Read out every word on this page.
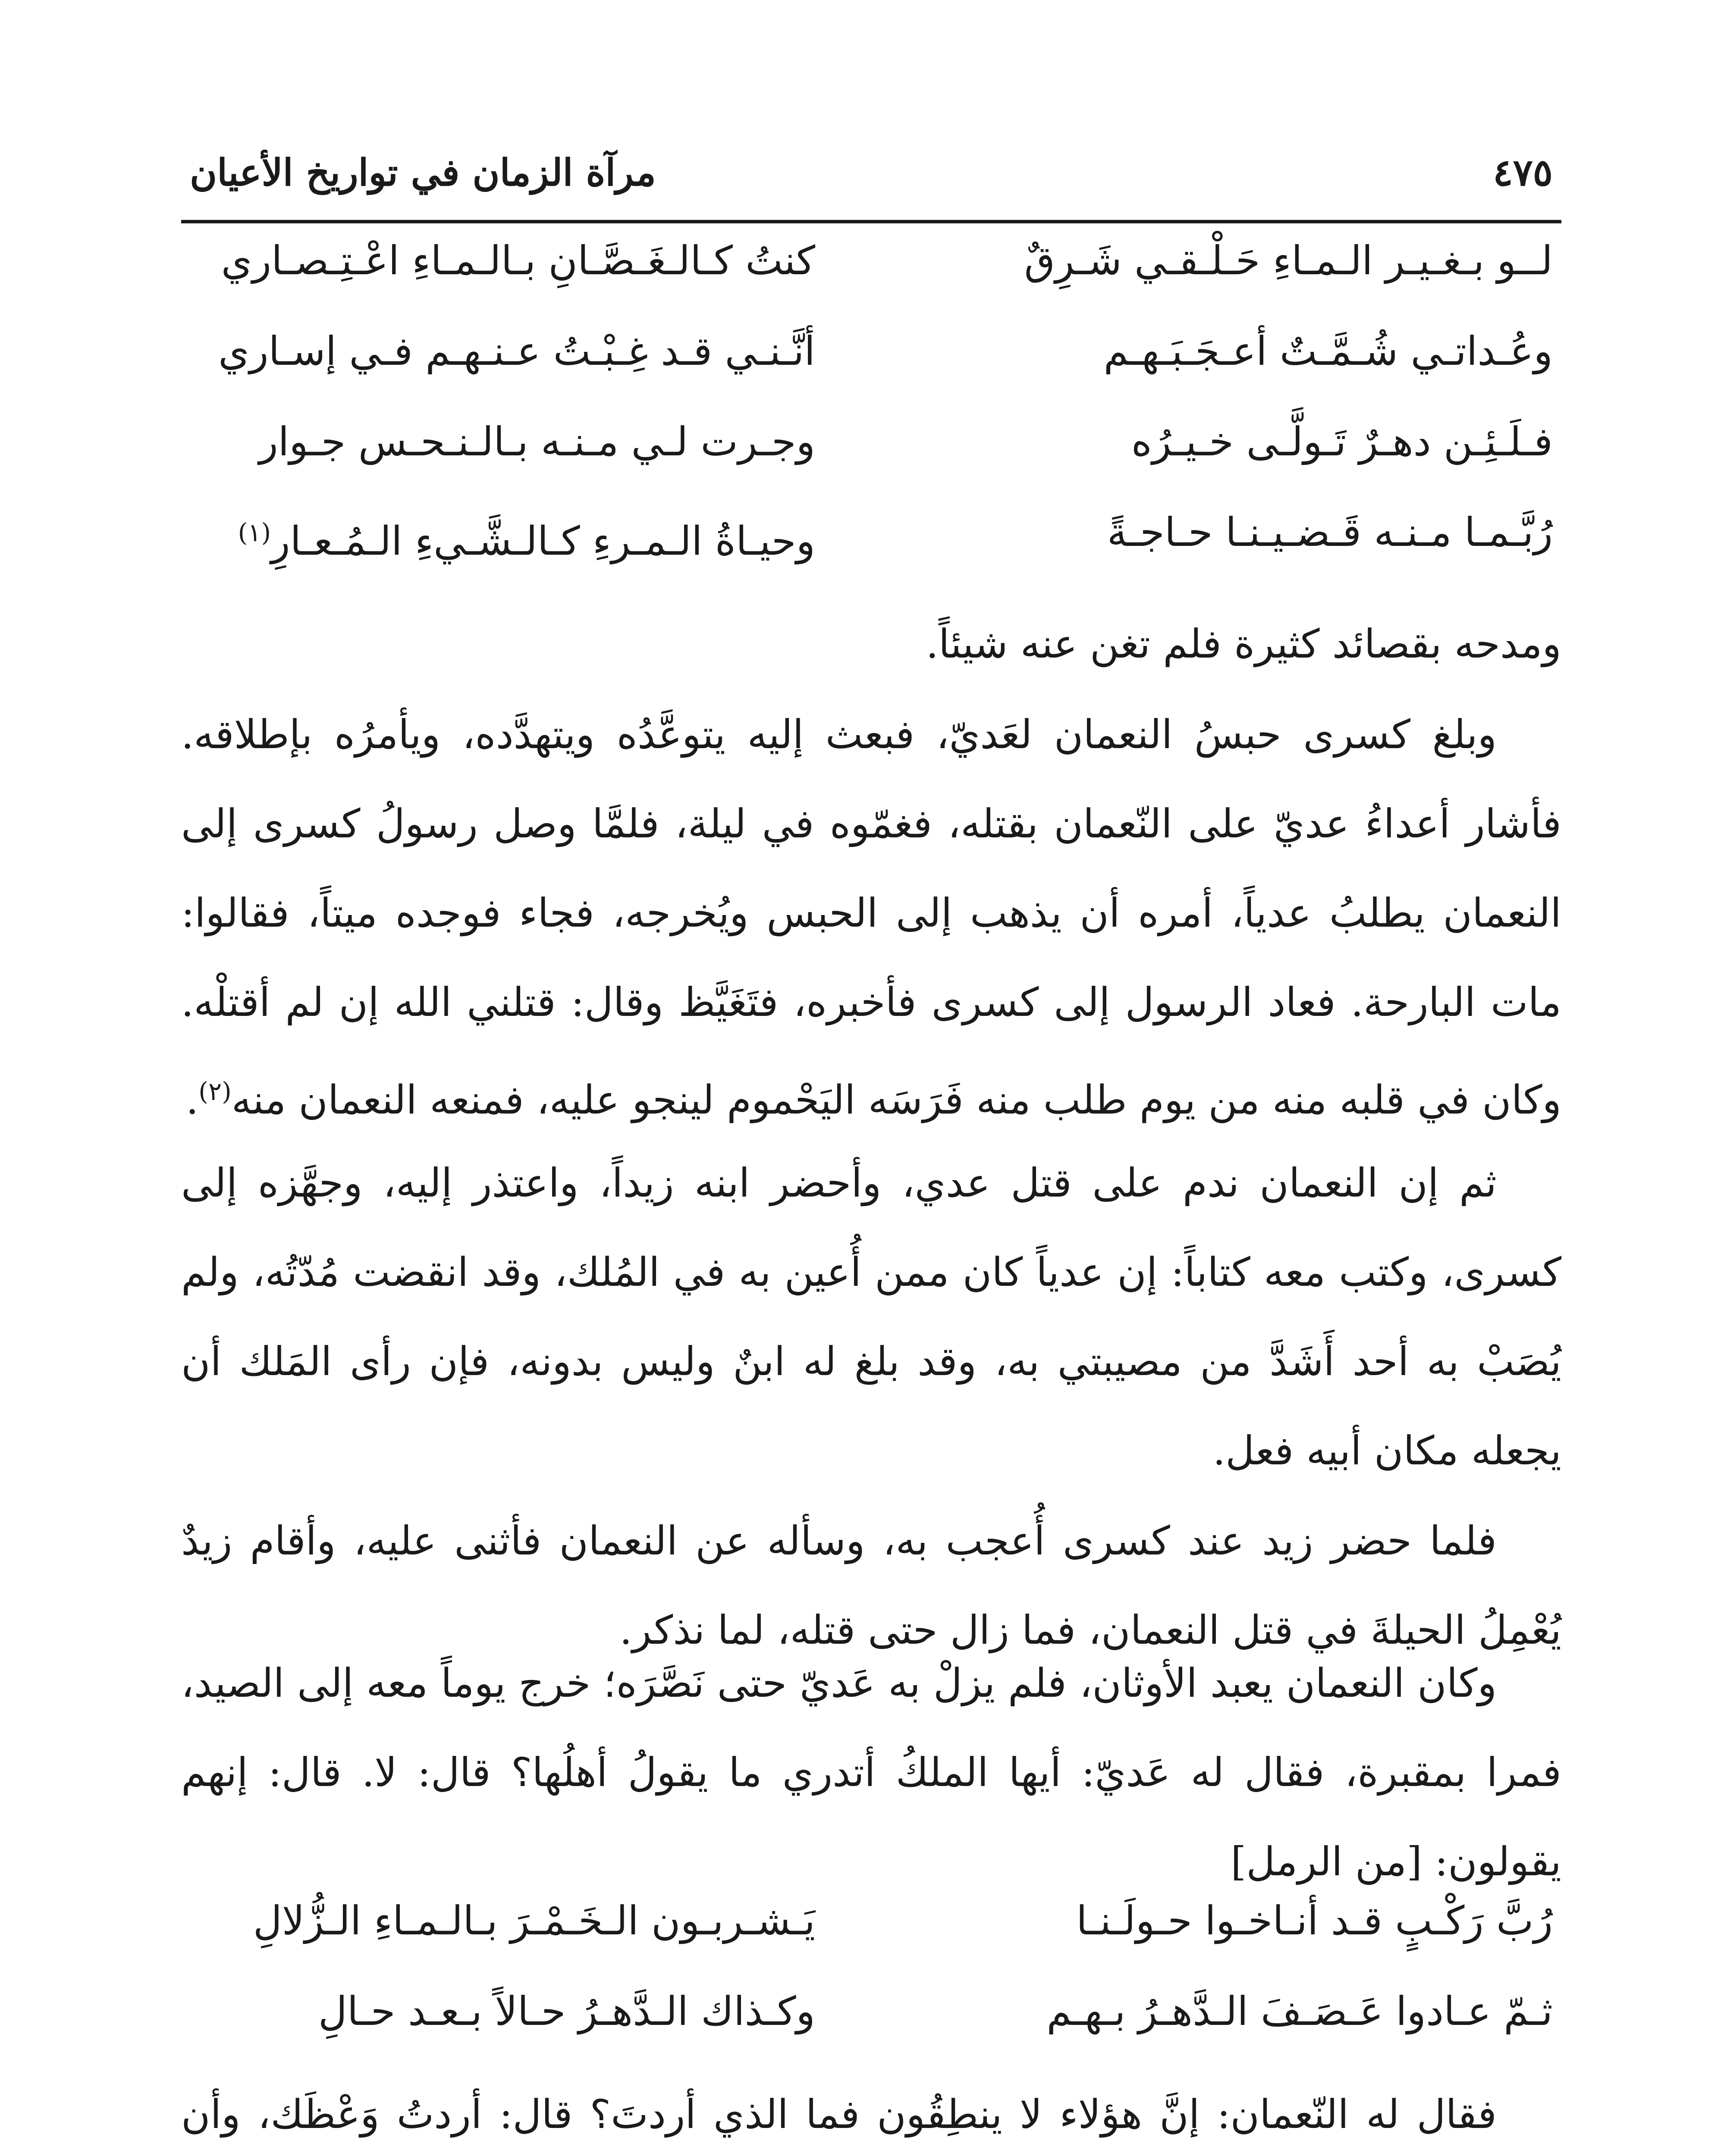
٤٧٥
مرآة الزمان في تواريخ الأعيان
لــو بـغـيـر الـمـاءِ حَـلْـقـي شَـرِقٌ
كنتُ كـالـغَـصَّـانِ بـالـمـاءِ اعْـتِـصـاري
وعُـداتـي شُـمَّـتٌ أعـجَـبَـهـم
أنَّـنـي قـد غِـبْـتُ عـنـهـم فـي إسـاري
فـلَـئِـن دهـرٌ تَـولَّـى خـيـرُه
وجـرت لـي مـنـه بـالـنـحـس جـوار
رُبَّـمـا مـنـه قَـضـيـنـا حـاجـةً
وحيـاةُ الـمـرءِ كـالـشَّـيءِ الـمُـعـارِ$^{(١)}$
ومدحه بقصائد كثيرة فلم تغن عنه شيئاً.
وبلغ كسرى حبسُ النعمان لعَديّ، فبعث إليه يتوعَّدُه ويتهدَّده، ويأمرُه بإطلاقه. فأشار أعداءُ عديّ على النّعمان بقتله، فغمّوه في ليلة، فلمَّا وصل رسولُ كسرى إلى النعمان يطلبُ عدياً، أمره أن يذهب إلى الحبس ويُخرجه، فجاء فوجده ميتاً، فقالوا: مات البارحة. فعاد الرسول إلى كسرى فأخبره، فتَغَيَّظ وقال: قتلني الله إن لم أقتلْه. وكان في قلبه منه من يوم طلب منه فَرَسَه اليَحْموم لينجو عليه، فمنعه النعمان منه$^{(٢)}$.
ثم إن النعمان ندم على قتل عدي، وأحضر ابنه زيداً، واعتذر إليه، وجهَّزه إلى كسرى، وكتب معه كتاباً: إن عدياً كان ممن أُعين به في المُلك، وقد انقضت مُدّتُه، ولم يُصَبْ به أحد أَشَدَّ من مصيبتي به، وقد بلغ له ابنٌ وليس بدونه، فإن رأى المَلك أن يجعله مكان أبيه فعل.
فلما حضر زيد عند كسرى أُعجب به، وسأله عن النعمان فأثنى عليه، وأقام زيدٌ يُعْمِلُ الحيلةَ في قتل النعمان، فما زال حتى قتله، لما نذكر.
وكان النعمان يعبد الأوثان، فلم يزلْ به عَديّ حتى نَصَّرَه؛ خرج يوماً معه إلى الصيد، فمرا بمقبرة، فقال له عَديّ: أيها الملكُ أتدري ما يقولُ أهلُها؟ قال: لا. قال: إنهم يقولون: [من الرمل]
رُبَّ رَكْـبٍ قـد أنـاخـوا حـولَـنـا
يَـشـربـون الـخَـمْـرَ بـالـمـاءِ الـزُّلالِ
ثـمّ عـادوا عَـصَـفَ الـدَّهـرُ بـهـم
وكـذاك الـدَّهـرُ حـالاً بـعـد حـالِ
فقال له النّعمان: إنَّ هؤلاء لا ينطِقُون فما الذي أردتَ؟ قال: أردتُ وَعْظَك، وأن
